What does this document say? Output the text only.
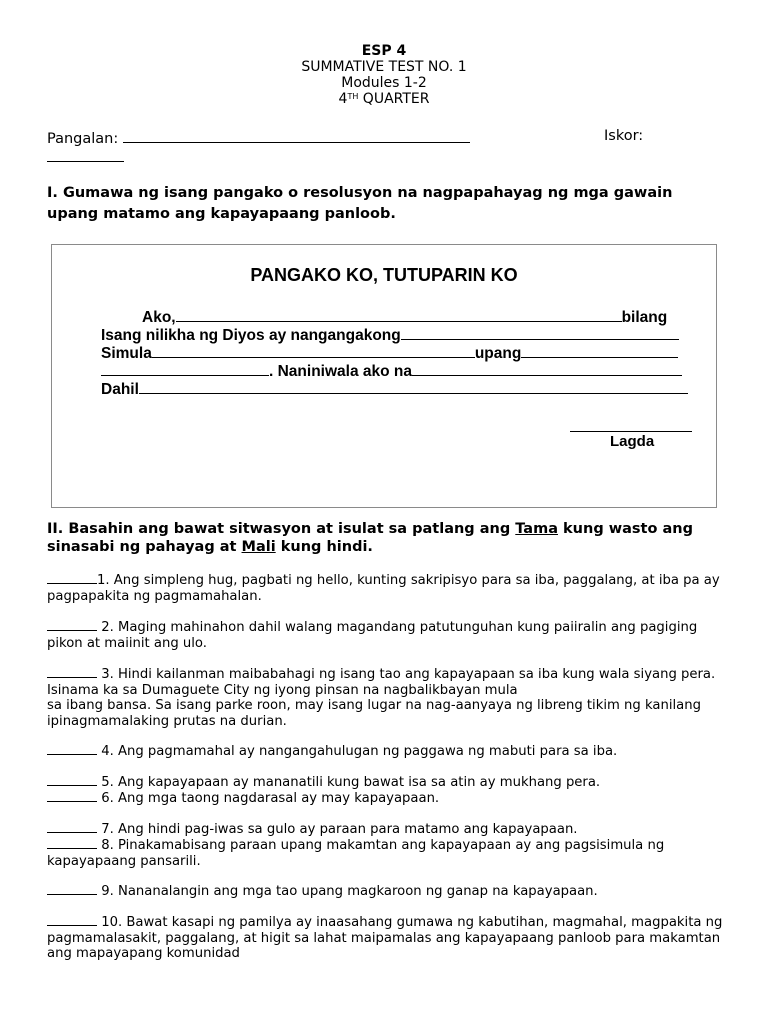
ESP 4
SUMMATIVE TEST NO. 1
Modules 1-2
4TH QUARTER
Pangalan:	Iskor:
I. Gumawa ng isang pangako o resolusyon na nagpapahayag ng mga gawain upang matamo ang kapayapaang panloob.
PANGAKO KO, TUTUPARIN KO
Ako,	bilang
Isang nilikha ng Diyos ay nangangakong
Simula	upang
. Naniniwala ako na
Dahil
Lagda
II. Basahin ang bawat sitwasyon at isulat sa patlang ang Tama kung wasto ang sinasabi ng pahayag at Mali kung hindi.
1. Ang simpleng hug, pagbati ng hello, kunting sakripisyo para sa iba, paggalang, at iba pa ay pagpapakita ng pagmamahalan.
2. Maging mahinahon dahil walang magandang patutunguhan kung paiiralin ang pagiging pikon at maiinit ang ulo.
3. Hindi kailanman maibabahagi ng isang tao ang kapayapaan sa iba kung wala siyang pera. Isinama ka sa Dumaguete City ng iyong pinsan na nagbalikbayan mula
sa ibang bansa. Sa isang parke roon, may isang lugar na nag-aanyaya ng libreng tikim ng kanilang ipinagmamalaking prutas na durian.
4. Ang pagmamahal ay nangangahulugan ng paggawa ng mabuti para sa iba.
5. Ang kapayapaan ay mananatili kung bawat isa sa atin ay mukhang pera.
6. Ang mga taong nagdarasal ay may kapayapaan.
7. Ang hindi pag-iwas sa gulo ay paraan para matamo ang kapayapaan.
8. Pinakamabisang paraan upang makamtan ang kapayapaan ay ang pagsisimula ng kapayapaang pansarili.
9. Nananalangin ang mga tao upang magkaroon ng ganap na kapayapaan.
10. Bawat kasapi ng pamilya ay inaasahang gumawa ng kabutihan, magmahal, magpakita ng pagmamalasakit, paggalang, at higit sa lahat maipamalas ang kapayapaang panloob para makamtan ang mapayapang komunidad
